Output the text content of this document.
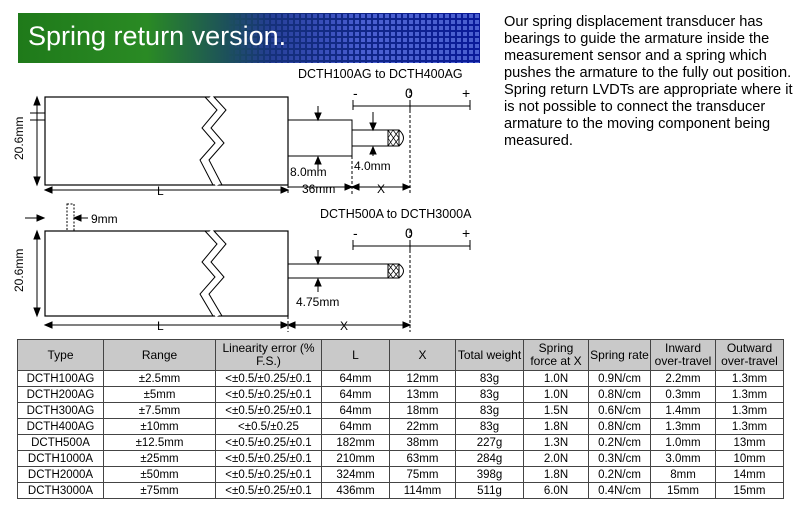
Spring return version.	Our spring displacement transducer has bearings to guide the armature inside the measurement sensor and a spring which pushes the armature to the fully out position. Spring return LVDTs are appropriate where it is not possible to connect the transducer armature to the moving component being measured.
DCTH100AG to DCTH400AG
20.6mm
8.0mm 4.0mm
-	0	+
L	36mm	X
DCTH500A to DCTH3000A
9mm
20.6mm
4.75mm
-	0	+
L	X
Type	Range	Linearity error (% F.S.)	L	X	Total weight	Spring force at X	Spring rate	Inward over-travel	Outward over-travel
DCTH100AG	±2.5mm	<±0.5/±0.25/±0.1	64mm	12mm	83g	1.0N	0.9N/cm	2.2mm	1.3mm
DCTH200AG	±5mm	<±0.5/±0.25/±0.1	64mm	13mm	83g	1.0N	0.8N/cm	0.3mm	1.3mm
DCTH300AG	±7.5mm	<±0.5/±0.25/±0.1	64mm	18mm	83g	1.5N	0.6N/cm	1.4mm	1.3mm
DCTH400AG	±10mm	<±0.5/±0.25	64mm	22mm	83g	1.8N	0.8N/cm	1.3mm	1.3mm
DCTH500A	±12.5mm	<±0.5/±0.25/±0.1	182mm	38mm	227g	1.3N	0.2N/cm	1.0mm	13mm
DCTH1000A	±25mm	<±0.5/±0.25/±0.1	210mm	63mm	284g	2.0N	0.3N/cm	3.0mm	10mm
DCTH2000A	±50mm	<±0.5/±0.25/±0.1	324mm	75mm	398g	1.8N	0.2N/cm	8mm	14mm
DCTH3000A	±75mm	<±0.5/±0.25/±0.1	436mm	114mm	511g	6.0N	0.4N/cm	15mm	15mm
